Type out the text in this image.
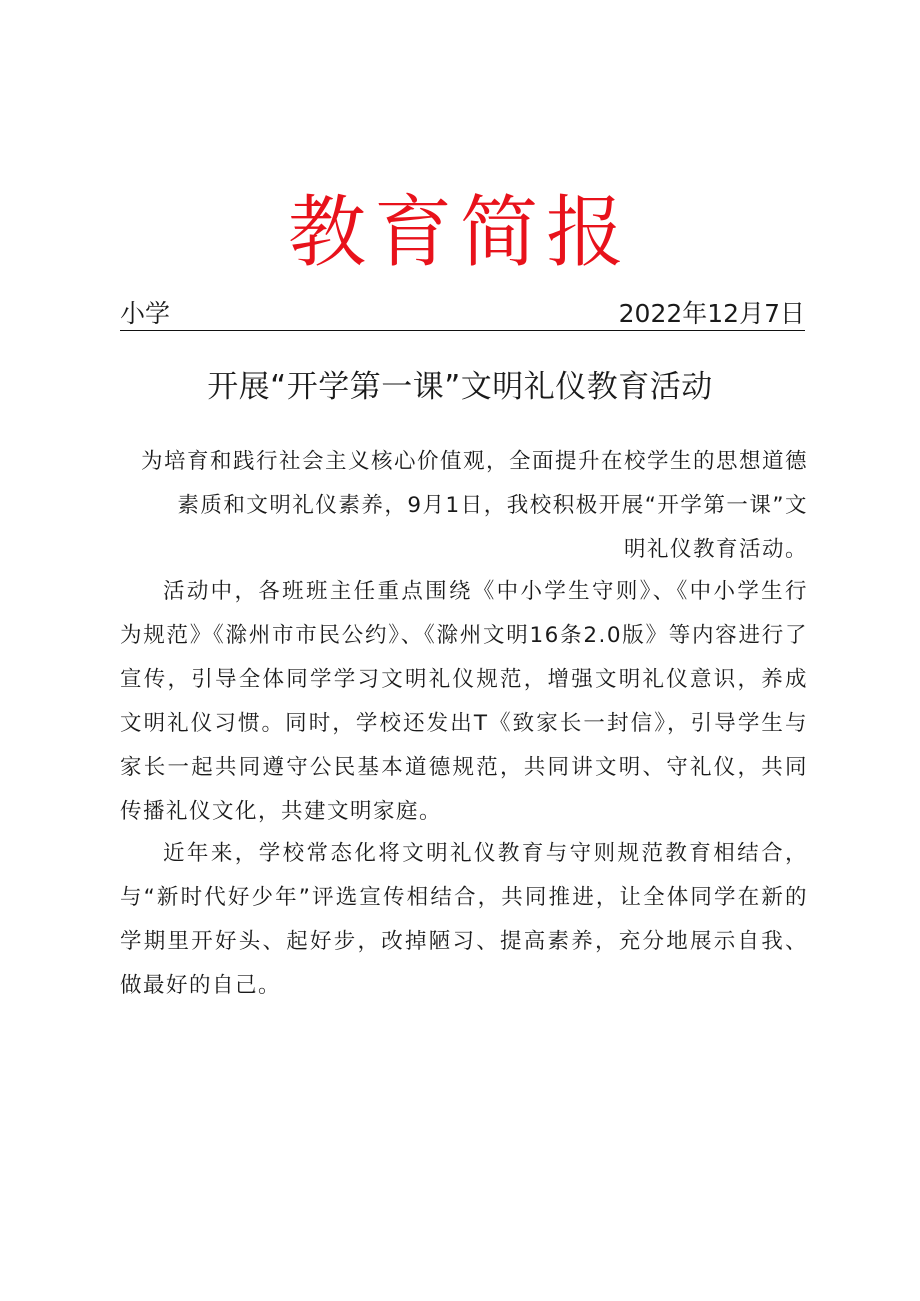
教育简报
小学	2022年12月7日
开展“开学第一课”文明礼仪教育活动
为培育和践行社会主义核心价值观，全面提升在校学生的思想道德
素质和文明礼仪素养，9月1日，我校积极开展“开学第一课”文
明礼仪教育活动。
活动中，各班班主任重点围绕《中小学生守则》、《中小学生行为规范》《滁州市市民公约》、《滁州文明16条2.0版》等内容进行了宣传，引导全体同学学习文明礼仪规范，增强文明礼仪意识，养成文明礼仪习惯。同时，学校还发出T《致家长一封信》，引导学生与家长一起共同遵守公民基本道德规范，共同讲文明、守礼仪，共同传播礼仪文化，共建文明家庭。
近年来，学校常态化将文明礼仪教育与守则规范教育相结合，与“新时代好少年”评选宣传相结合，共同推进，让全体同学在新的学期里开好头、起好步，改掉陋习、提高素养，充分地展示自我、做最好的自己。
